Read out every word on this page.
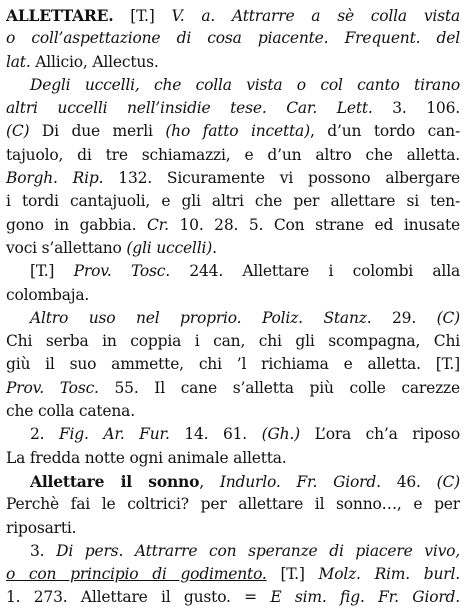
ALLETTARE. [T.] V. a. Attrarre a sè colla vista
o coll’aspettazione di cosa piacente. Frequent. del
lat. Allicio, Allectus.
Degli uccelli, che colla vista o col canto tirano
altri uccelli nell’insidie tese. Car. Lett. 3. 106.
(C) Di due merli (ho fatto incetta), d’un tordo can-
tajuolo, di tre schiamazzi, e d’un altro che alletta.
Borgh. Rip. 132. Sicuramente vi possono albergare
i tordi cantajuoli, e gli altri che per allettare si ten-
gono in gabbia. Cr. 10. 28. 5. Con strane ed inusate
voci s’allettano (gli uccelli).
[T.] Prov. Tosc. 244. Allettare i colombi alla
colombaja.
Altro uso nel proprio. Poliz. Stanz. 29. (C)
Chi serba in coppia i can, chi gli scompagna, Chi
giù il suo ammette, chi ’l richiama e alletta. [T.]
Prov. Tosc. 55. Il cane s’alletta più colle carezze
che colla catena.
2. Fig. Ar. Fur. 14. 61. (Gh.) L’ora ch’a riposo
La fredda notte ogni animale alletta.
Allettare il sonno, Indurlo. Fr. Giord. 46. (C)
Perchè fai le coltrici? per allettare il sonno…, e per
riposarti.
3. Di pers. Attrarre con speranze di piacere vivo,
o con principio di godimento. [T.] Molz. Rim. burl.
1. 273. Allettare il gusto. = E sim. fig. Fr. Giord.
